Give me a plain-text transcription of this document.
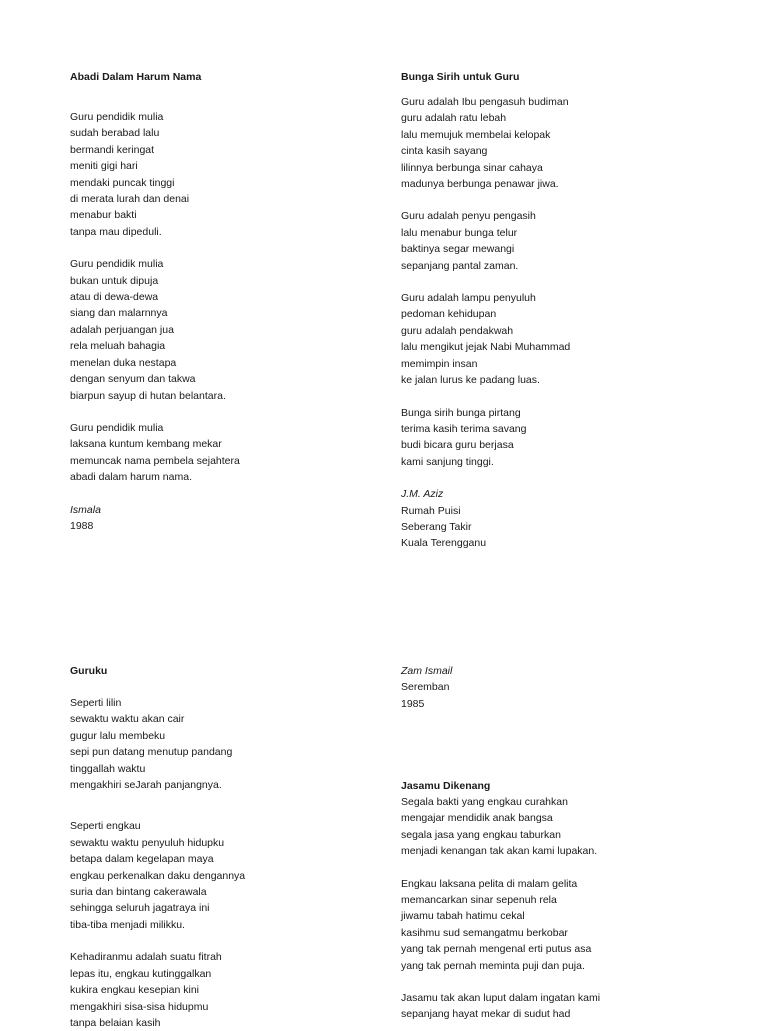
Abadi Dalam Harum Nama

Guru pendidik mulia
sudah berabad lalu
bermandi keringat
meniti gigi hari
mendaki puncak tinggi
di merata lurah dan denai
menabur bakti
tanpa mau dipeduli.
Guru pendidik mulia
bukan untuk dipuja
atau di dewa-dewa
siang dan malarnnya
adalah perjuangan jua
rela meluah bahagia
menelan duka nestapa
dengan senyum dan takwa
biarpun sayup di hutan belantara.
Guru pendidik mulia
laksana kuntum kembang mekar
memuncak nama pembela sejahtera
abadi dalam harum nama.
Ismala
1988

Bunga Sirih untuk Guru

Guru adalah Ibu pengasuh budiman
guru adalah ratu lebah
lalu memujuk membelai kelopak
cinta kasih sayang
lilinnya berbunga sinar cahaya
madunya berbunga penawar jiwa.
Guru adalah penyu pengasih
lalu menabur bunga telur
baktinya segar mewangi
sepanjang pantal zaman.
Guru adalah lampu penyuluh
pedoman kehidupan
guru adalah pendakwah
lalu mengikut jejak Nabi Muhammad
memimpin insan
ke jalan lurus ke padang luas.
Bunga sirih bunga pirtang
terima kasih terima savang
budi bicara guru berjasa
kami sanjung tinggi.
J.M. Aziz
Rumah Puisi
Seberang Takir
Kuala Terengganu

Guruku

Seperti lilin
sewaktu waktu akan cair
gugur lalu membeku
sepi pun datang menutup pandang
tinggallah waktu
mengakhiri seJarah panjangnya.
Seperti engkau
sewaktu waktu penyuluh hidupku
betapa dalam kegelapan maya
engkau perkenalkan daku dengannya
suria dan bintang cakerawala
sehingga seluruh jagatraya ini
tiba-tiba menjadi milikku.
Kehadiranmu adalah suatu fitrah
lepas itu, engkau kutinggalkan
kukira engkau kesepian kini
mengakhiri sisa-sisa hidupmu
tanpa belaian kasih
Zam Ismail
Seremban
1985

Jasamu Dikenang

Segala bakti yang engkau curahkan
mengajar mendidik anak bangsa
segala jasa yang engkau taburkan
menjadi kenangan tak akan kami lupakan.
Engkau laksana pelita di malam gelita
memancarkan sinar sepenuh rela
jiwamu tabah hatimu cekal
kasihmu sud semangatmu berkobar
yang tak pernah mengenal erti putus asa
yang tak pernah meminta puji dan puja.
Jasamu tak akan luput dalam ingatan kami
sepanjang hayat mekar di sudut had
